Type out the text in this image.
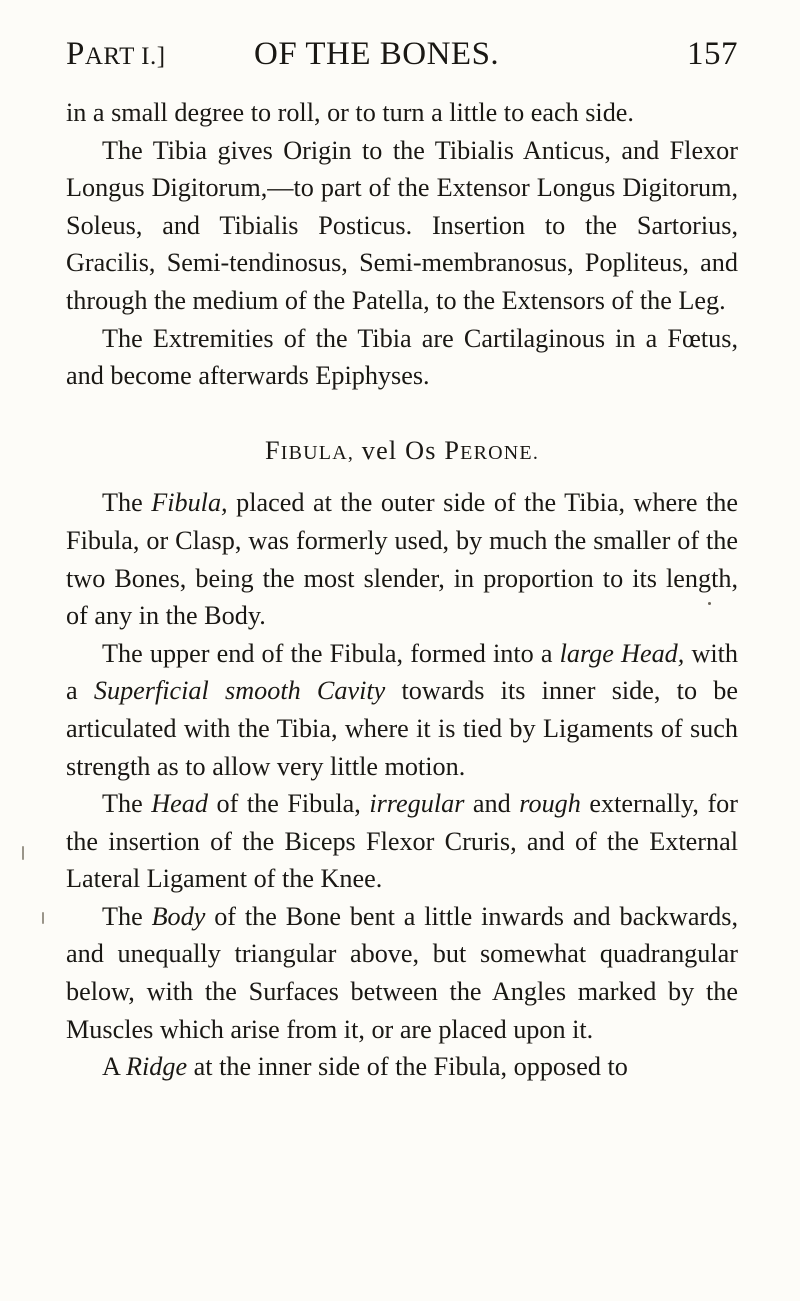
PART I.]	OF THE BONES.	157

in a small degree to roll, or to turn a little to each side.

The Tibia gives Origin to the Tibialis Anticus, and Flexor Longus Digitorum,—to part of the Extensor Longus Digitorum, Soleus, and Tibialis Posticus. Insertion to the Sartorius, Gracilis, Semi-tendinosus, Semi-membranosus, Popliteus, and through the medium of the Patella, to the Extensors of the Leg.

The Extremities of the Tibia are Cartilaginous in a Fœtus, and become afterwards Epiphyses.

FIBULA, vel Os PERONE.

The Fibula, placed at the outer side of the Tibia, where the Fibula, or Clasp, was formerly used, by much the smaller of the two Bones, being the most slender, in proportion to its length, of any in the Body.

The upper end of the Fibula, formed into a large Head, with a Superficial smooth Cavity towards its inner side, to be articulated with the Tibia, where it is tied by Ligaments of such strength as to allow very little motion.

The Head of the Fibula, irregular and rough externally, for the insertion of the Biceps Flexor Cruris, and of the External Lateral Ligament of the Knee.

The Body of the Bone bent a little inwards and backwards, and unequally triangular above, but somewhat quadrangular below, with the Surfaces between the Angles marked by the Muscles which arise from it, or are placed upon it.

A Ridge at the inner side of the Fibula, opposed to
